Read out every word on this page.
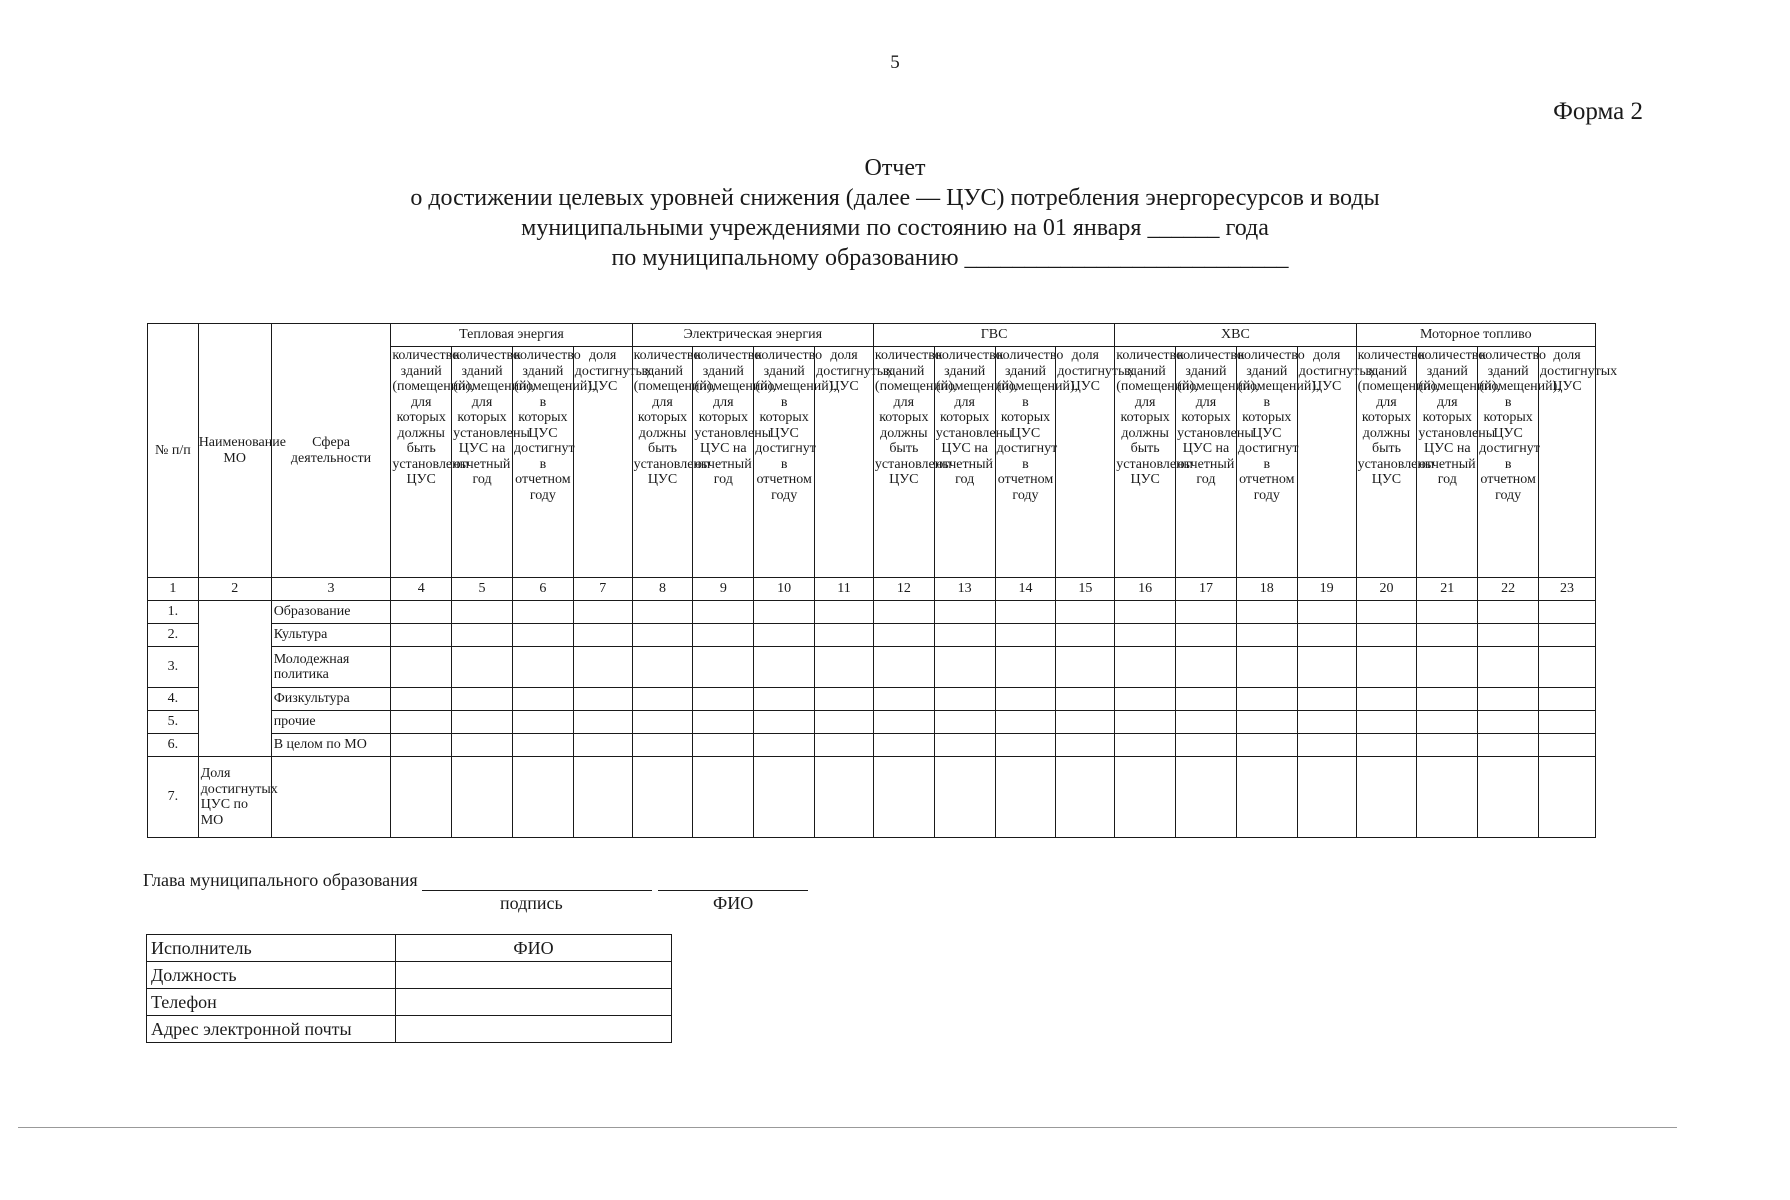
5
Форма 2
Отчет
о достижении целевых уровней снижения (далее — ЦУС) потребления энергоресурсов и воды
муниципальными учреждениями по состоянию на 01 января ______ года
по муниципальному образованию ___________________________
№ п/п	Наименование МО	Сфера деятельности	Тепловая энергия				Электрическая энергия				ГВС				ХВС				Моторное топливо			
			количество зданий (помещений), для которых должны быть установлены ЦУС	количество зданий (помещений), для которых установлены ЦУС на отчетный год	количество зданий (помещений), в которых ЦУС достигнут в отчетном году	доля достигнутых ЦУС	количество зданий (помещений), для которых должны быть установлены ЦУС	количество зданий (помещений), для которых установлены ЦУС на отчетный год	количество зданий (помещений), в которых ЦУС достигнут в отчетном году	доля достигнутых ЦУС	количество зданий (помещений), для которых должны быть установлены ЦУС	количество зданий (помещений), для которых установлены ЦУС на отчетный год	количество зданий (помещений), в которых ЦУС достигнут в отчетном году	доля достигнутых ЦУС	количество зданий (помещений), для которых должны быть установлены ЦУС	количество зданий (помещений), для которых установлены ЦУС на отчетный год	количество зданий (помещений), в которых ЦУС достигнут в отчетном году	доля достигнутых ЦУС	количество зданий (помещений), для которых должны быть установлены ЦУС	количество зданий (помещений), для которых установлены ЦУС на отчетный год	количество зданий (помещений), в которых ЦУС достигнут в отчетном году	доля достигнутых ЦУС
1	2	3	4	5	6	7	8	9	10	11	12	13	14	15	16	17	18	19	20	21	22	23
1.		Образование																				
2.		Культура																				
3.		Молодежная политика																				
4.		Физкультура																				
5.		прочие																				
6.		В целом по МО																				
7.	Доля достигнутых ЦУС по МО																					
Глава муниципального образования
подпись	ФИО
Исполнитель	ФИО
Должность	
Телефон	
Адрес электронной почты	
